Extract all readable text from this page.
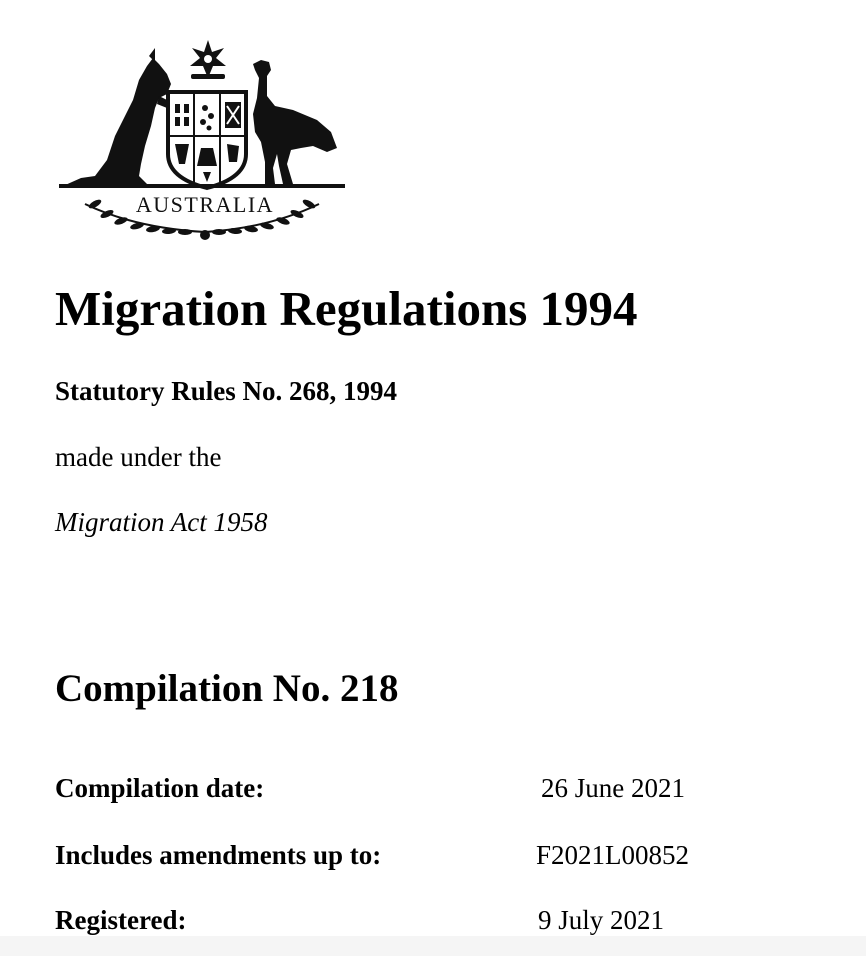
AUSTRALIA
Migration Regulations 1994

Statutory Rules No. 268, 1994

made under the

Migration Act 1958

Compilation No. 218

Compilation date:	26 June 2021

Includes amendments up to:	F2021L00852

Registered:	9 July 2021
